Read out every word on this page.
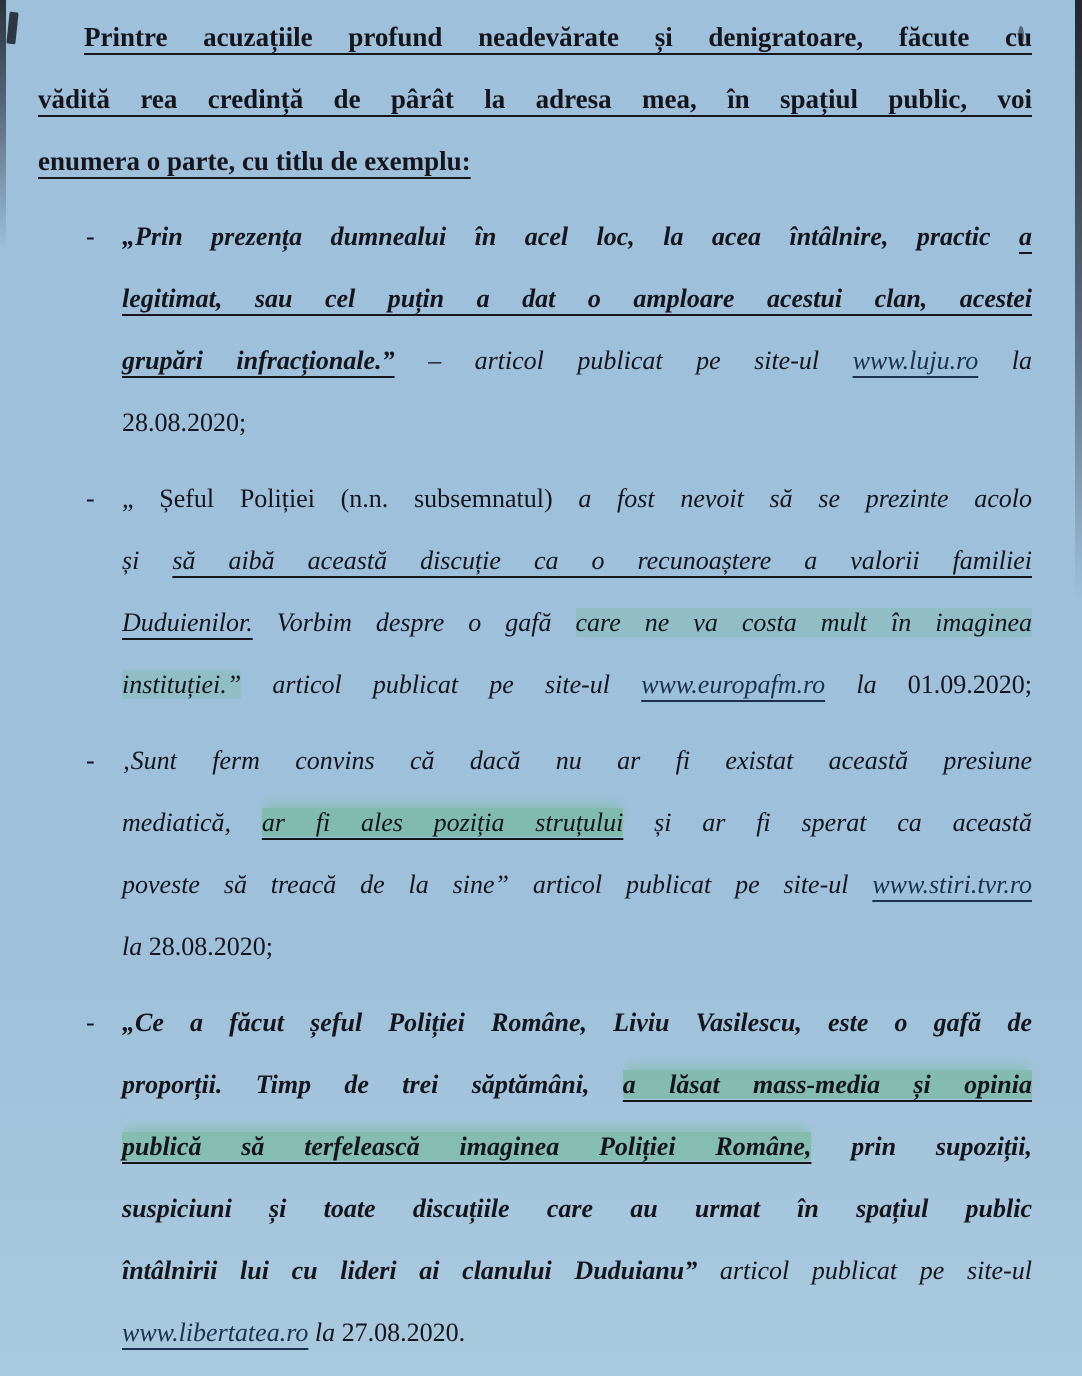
Printre acuzațiile profund neadevărate și denigratoare, făcute cu
vădită rea credință de pârât la adresa mea, în spațiul public, voi
enumera o parte, cu titlu de exemplu:
-	„Prin prezența dumnealui în acel loc, la acea întâlnire, practic a
legitimat, sau cel puțin a dat o amploare acestui clan, acestei
grupări infracționale.” – articol publicat pe site-ul www.luju.ro la
28.08.2020;
-	„ Șeful Poliției (n.n. subsemnatul) a fost nevoit să se prezinte acolo
și să aibă această discuție ca o recunoaștere a valorii familiei
Duduienilor. Vorbim despre o gafă care ne va costa mult în imaginea
instituției.” articol publicat pe site-ul www.europafm.ro la 01.09.2020;
-	‚Sunt ferm convins că dacă nu ar fi existat această presiune
mediatică, ar fi ales poziția struțului și ar fi sperat ca această
poveste să treacă de la sine” articol publicat pe site-ul www.stiri.tvr.ro
la 28.08.2020;
-	„Ce a făcut șeful Poliției Române, Liviu Vasilescu, este o gafă de
proporții. Timp de trei săptămâni, a lăsat mass-media și opinia
publică să terfelească imaginea Poliției Române, prin supoziții,
suspiciuni și toate discuțiile care au urmat în spațiul public
întâlnirii lui cu lideri ai clanului Duduianu” articol publicat pe site-ul
www.libertatea.ro la 27.08.2020.
